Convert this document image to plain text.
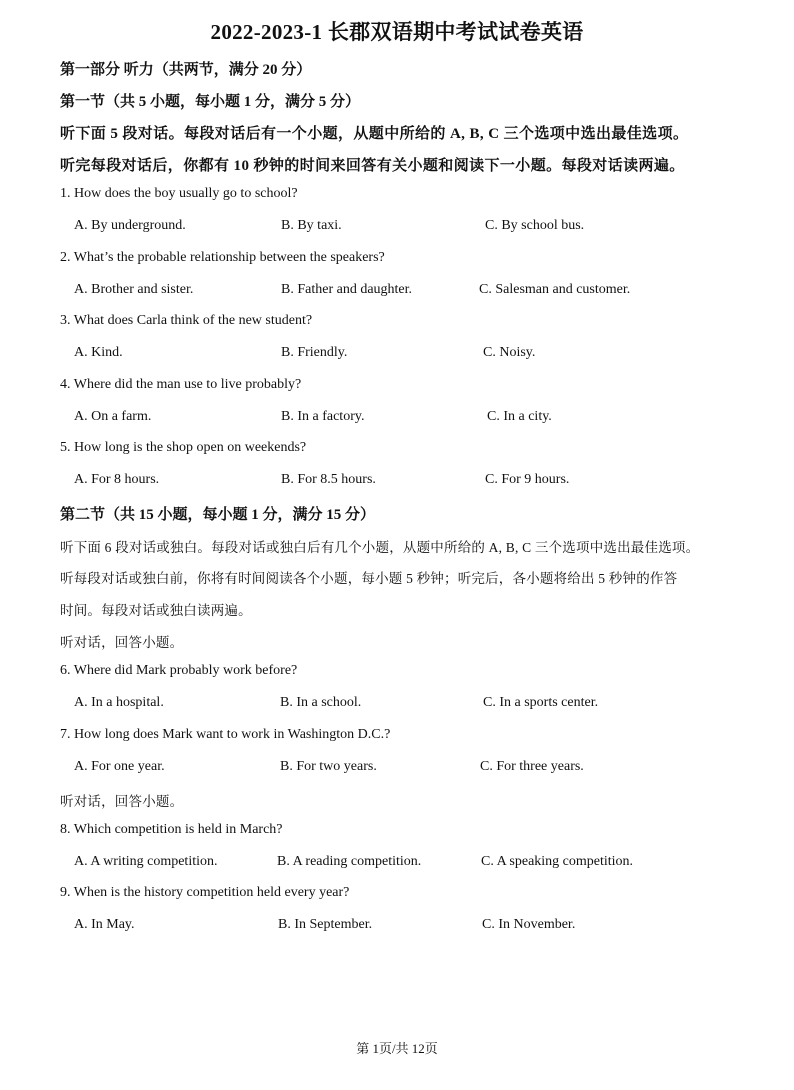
2022-2023-1 长郡双语期中考试试卷英语
第一部分 听力（共两节，满分 20 分）
第一节（共 5 小题，每小题 1 分，满分 5 分）
听下面 5 段对话。每段对话后有一个小题，从题中所给的 A, B, C 三个选项中选出最佳选项。
听完每段对话后，你都有 10 秒钟的时间来回答有关小题和阅读下一小题。每段对话读两遍。
1. How does the boy usually go to school?
A. By underground.	B. By taxi.	C. By school bus.
2. What’s the probable relationship between the speakers?
A. Brother and sister.	B. Father and daughter.	C. Salesman and customer.
3. What does Carla think of the new student?
A. Kind.	B. Friendly.	C. Noisy.
4. Where did the man use to live probably?
A. On a farm.	B. In a factory.	C. In a city.
5. How long is the shop open on weekends?
A. For 8 hours.	B. For 8.5 hours.	C. For 9 hours.
第二节（共 15 小题，每小题 1 分，满分 15 分）
听下面 6 段对话或独白。每段对话或独白后有几个小题，从题中所给的 A, B, C 三个选项中选出最佳选项。
听每段对话或独白前，你将有时间阅读各个小题，每小题 5 秒钟；听完后，各小题将给出 5 秒钟的作答
时间。每段对话或独白读两遍。
听对话，回答小题。
6. Where did Mark probably work before?
A. In a hospital.	B. In a school.	C. In a sports center.
7. How long does Mark want to work in Washington D.C.?
A. For one year.	B. For two years.	C. For three years.
听对话，回答小题。
8. Which competition is held in March?
A. A writing competition.	B. A reading competition.	C. A speaking competition.
9. When is the history competition held every year?
A. In May.	B. In September.	C. In November.
第 1页/共 12页
